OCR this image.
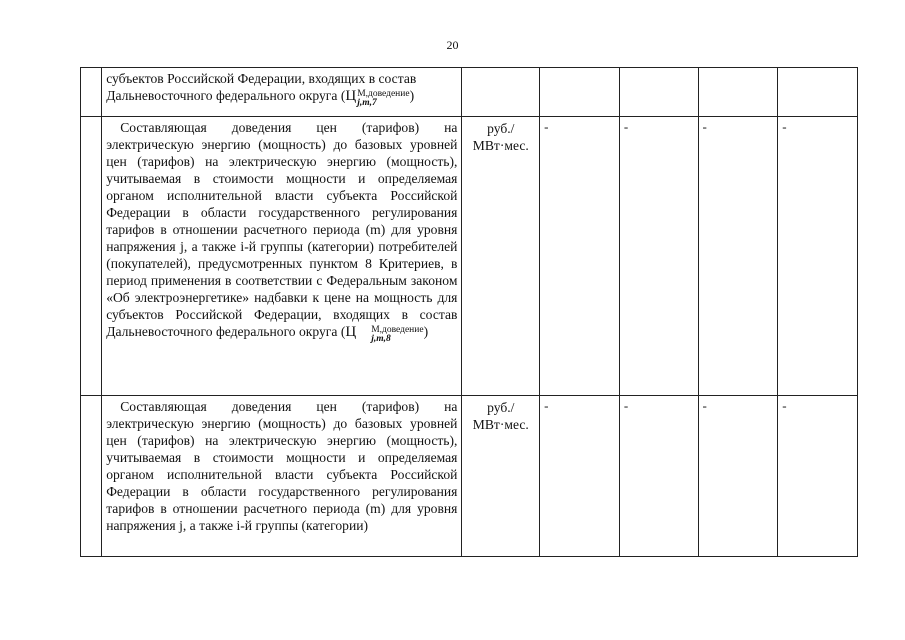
20

	субъектов Российской Федерации, входящих в состав
Дальневосточного федерального округа (Ц М,доведение
j,m,7 )					

	Составляющая доведения цен (тарифов) на электрическую энергию (мощность) до базовых уровней цен (тарифов) на электрическую энергию (мощность), учитываемая в стоимости мощности и определяемая органом исполнительной власти субъекта Российской Федерации в области государственного регулирования тарифов в отношении расчетного периода (m) для уровня напряжения j, а также i-й группы (категории) потребителей (покупателей), предусмотренных пунктом 8 Критериев, в период применения в соответствии с Федеральным законом «Об электроэнергетике» надбавки к цене на мощность для субъектов Российской Федерации, входящих в состав Дальневосточного федерального округа (Ц М,доведение
j,m,8 )	руб./
МВт·мес.	-	-	-	-

	Составляющая доведения цен (тарифов) на электрическую энергию (мощность) до базовых уровней цен (тарифов) на электрическую энергию (мощность), учитываемая в стоимости мощности и определяемая органом исполнительной власти субъекта Российской Федерации в области государственного регулирования тарифов в отношении расчетного периода (m) для уровня напряжения j, а также i-й группы (категории)	руб./
МВт·мес.	-	-	-	-
